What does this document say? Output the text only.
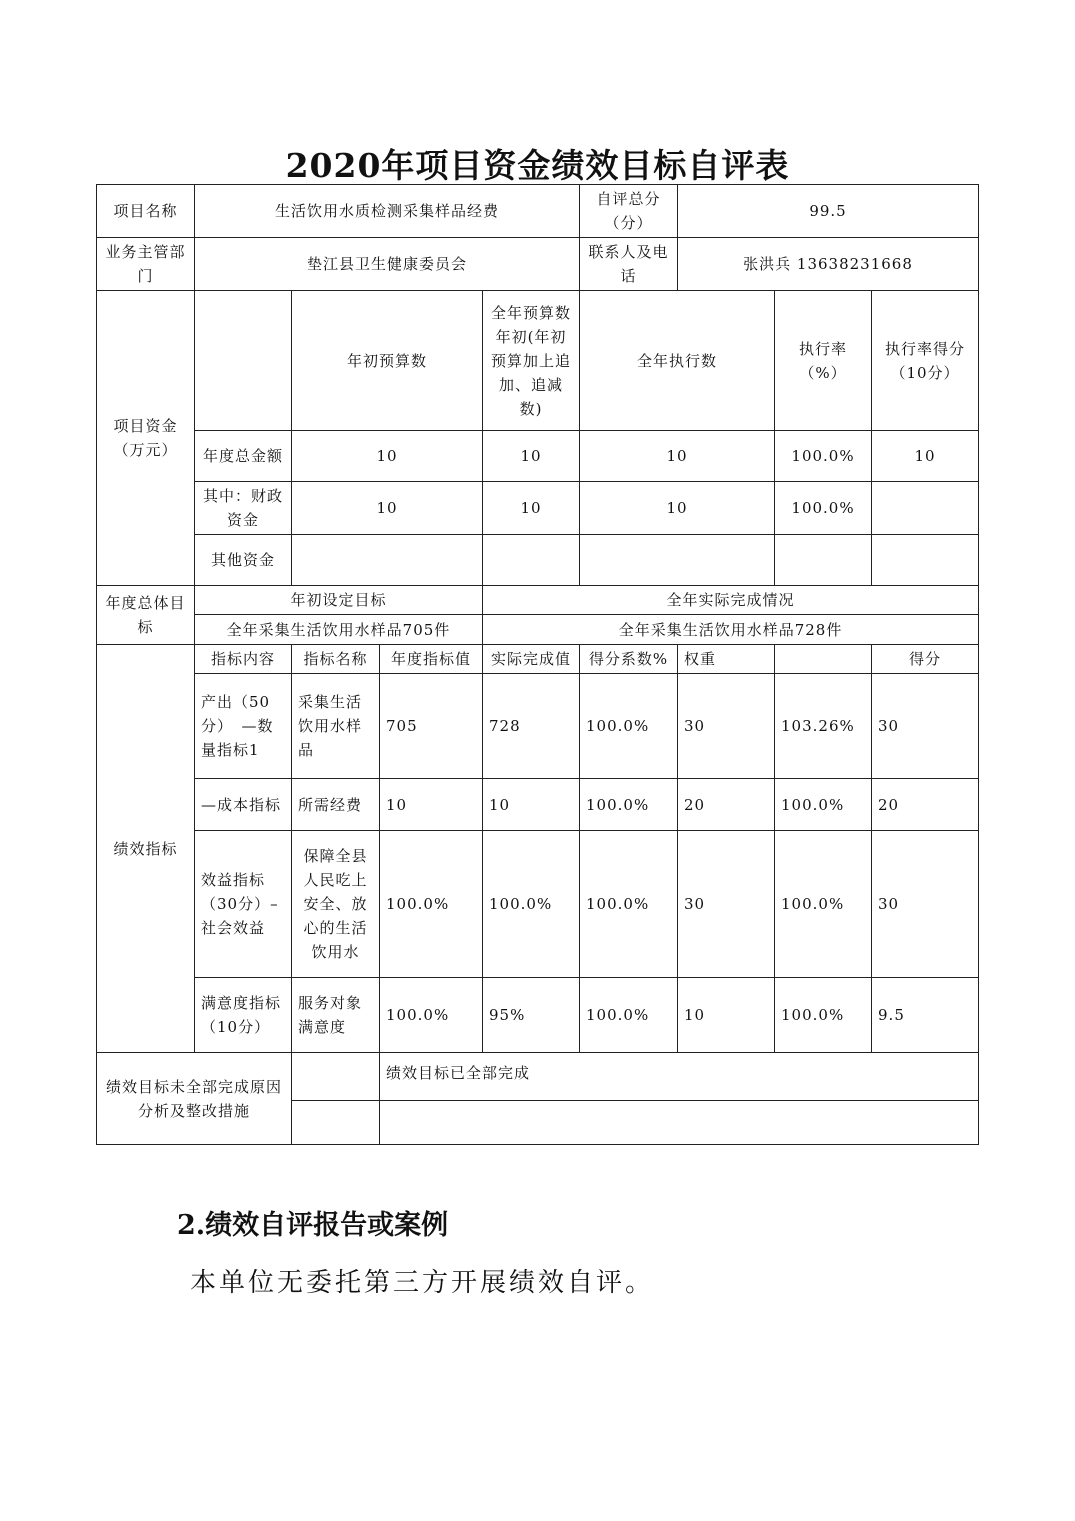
2020年项目资金绩效目标自评表
项目名称	生活饮用水质检测采集样品经费				自评总分（分）	99.5		
业务主管部门	垫江县卫生健康委员会				联系人及电话	张洪兵 13638231668		
项目资金（万元）		年初预算数		全年预算数年初(年初预算加上追加、追减数)	全年执行数		执行率（%）	执行率得分（10分）
	年度总金额	10		10	10		100.0%	10
	其中：财政资金	10		10	10		100.0%	
	其他资金							
年度总体目标	年初设定目标			全年实际完成情况				
	全年采集生活饮用水样品705件			全年采集生活饮用水样品728件				
绩效指标	指标内容	指标名称	年度指标值	实际完成值	得分系数%	权重		得分
	产出（50分）　—数量指标1	采集生活饮用水样品	705	728	100.0%	30	103.26%	30
	—成本指标	所需经费	10	10	100.0%	20	100.0%	20
	效益指标（30分）–社会效益	保障全县人民吃上安全、放心的生活饮用水	100.0%	100.0%	100.0%	30	100.0%	30
	满意度指标（10分）	服务对象满意度	100.0%	95%	100.0%	10	100.0%	9.5
绩效目标未全部完成原因分析及整改措施			绩效目标已全部完成					

2.绩效自评报告或案例
本单位无委托第三方开展绩效自评。
